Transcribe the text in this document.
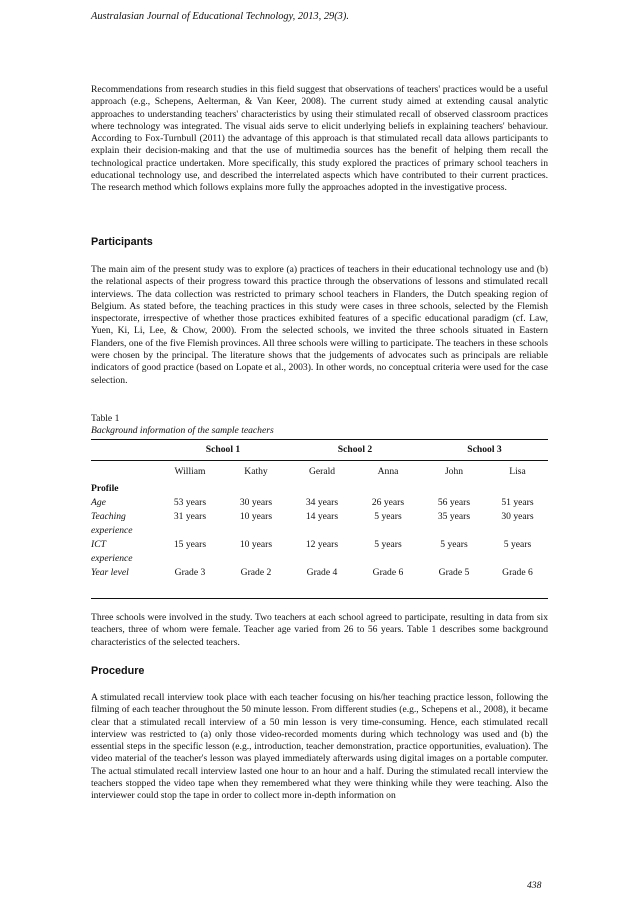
Australasian Journal of Educational Technology, 2013, 29(3).

Recommendations from research studies in this field suggest that observations of teachers' practices would be a useful approach (e.g., Schepens, Aelterman, & Van Keer, 2008). The current study aimed at extending causal analytic approaches to understanding teachers' characteristics by using their stimulated recall of observed classroom practices where technology was integrated. The visual aids serve to elicit underlying beliefs in explaining teachers' behaviour. According to Fox-Turnbull (2011) the advantage of this approach is that stimulated recall data allows participants to explain their decision-making and that the use of multimedia sources has the benefit of helping them recall the technological practice undertaken. More specifically, this study explored the practices of primary school teachers in educational technology use, and described the interrelated aspects which have contributed to their current practices. The research method which follows explains more fully the approaches adopted in the investigative process.

Participants

The main aim of the present study was to explore (a) practices of teachers in their educational technology use and (b) the relational aspects of their progress toward this practice through the observations of lessons and stimulated recall interviews. The data collection was restricted to primary school teachers in Flanders, the Dutch speaking region of Belgium. As stated before, the teaching practices in this study were cases in three schools, selected by the Flemish inspectorate, irrespective of whether those practices exhibited features of a specific educational paradigm (cf. Law, Yuen, Ki, Li, Lee, & Chow, 2000). From the selected schools, we invited the three schools situated in Eastern Flanders, one of the five Flemish provinces. All three schools were willing to participate. The teachers in these schools were chosen by the principal. The literature shows that the judgements of advocates such as principals are reliable indicators of good practice (based on Lopate et al., 2003). In other words, no conceptual criteria were used for the case selection.

Table 1
Background information of the sample teachers
	School 1		School 2		School 3	
	William	Kathy	Gerald	Anna	John	Lisa
Profile						
Age	53 years	30 years	34 years	26 years	56 years	51 years
Teaching	31 years	10 years	14 years	5 years	35 years	30 years
experience						
ICT	15 years	10 years	12 years	5 years	5 years	5 years
experience						
Year level	Grade 3	Grade 2	Grade 4	Grade 6	Grade 5	Grade 6

Three schools were involved in the study. Two teachers at each school agreed to participate, resulting in data from six teachers, three of whom were female. Teacher age varied from 26 to 56 years. Table 1 describes some background characteristics of the selected teachers.

Procedure

A stimulated recall interview took place with each teacher focusing on his/her teaching practice lesson, following the filming of each teacher throughout the 50 minute lesson. From different studies (e.g., Schepens et al., 2008), it became clear that a stimulated recall interview of a 50 min lesson is very time-consuming. Hence, each stimulated recall interview was restricted to (a) only those video-recorded moments during which technology was used and (b) the essential steps in the specific lesson (e.g., introduction, teacher demonstration, practice opportunities, evaluation). The video material of the teacher's lesson was played immediately afterwards using digital images on a portable computer. The actual stimulated recall interview lasted one hour to an hour and a half. During the stimulated recall interview the teachers stopped the video tape when they remembered what they were thinking while they were teaching. Also the interviewer could stop the tape in order to collect more in-depth information on

438
